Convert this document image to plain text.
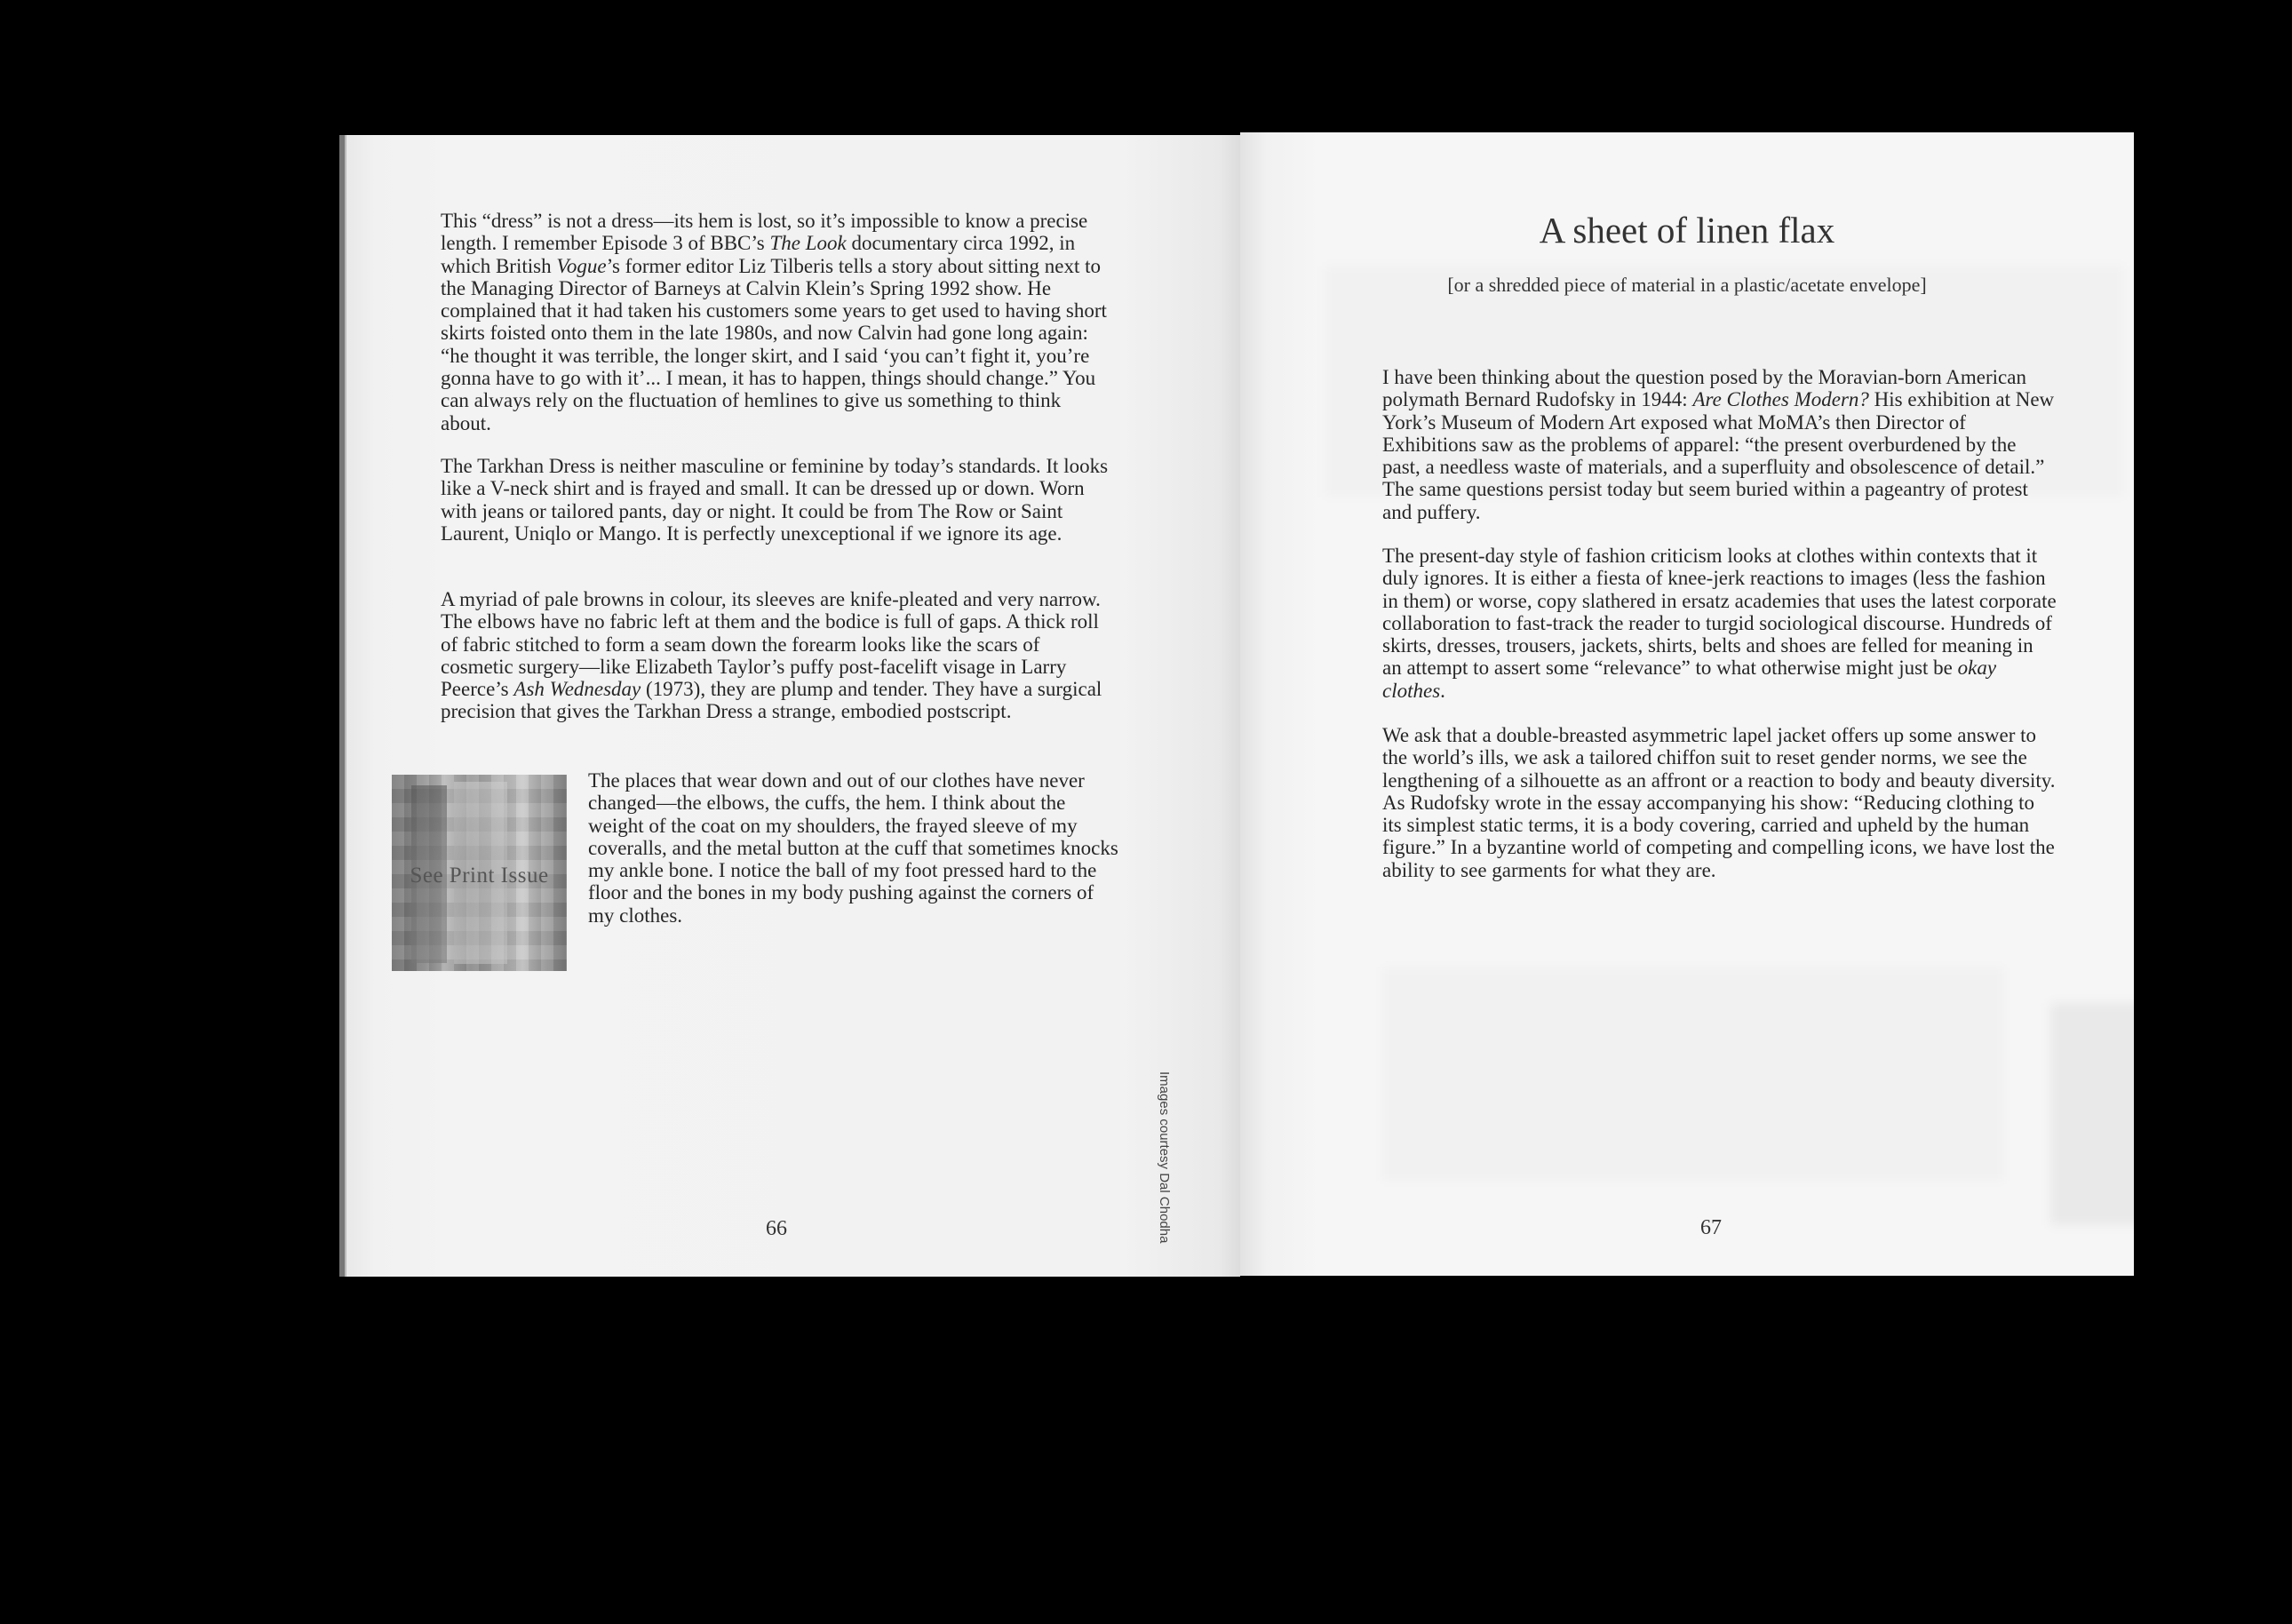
This “dress” is not a dress—its hem is lost, so it’s impossible to know a precise length. I remember Episode 3 of BBC’s The Look documentary circa 1992, in which British Vogue’s former editor Liz Tilberis tells a story about sitting next to the Managing Director of Barneys at Calvin Klein’s Spring 1992 show. He complained that it had taken his customers some years to get used to having short skirts foisted onto them in the late 1980s, and now Calvin had gone long again: “he thought it was terrible, the longer skirt, and I said ‘you can’t fight it, you’re gonna have to go with it’... I mean, it has to happen, things should change.” You can always rely on the fluctuation of hemlines to give us something to think about.

The Tarkhan Dress is neither masculine or feminine by today’s standards. It looks like a V-neck shirt and is frayed and small. It can be dressed up or down. Worn with jeans or tailored pants, day or night. It could be from The Row or Saint Laurent, Uniqlo or Mango. It is perfectly unexceptional if we ignore its age.

A myriad of pale browns in colour, its sleeves are knife-pleated and very narrow. The elbows have no fabric left at them and the bodice is full of gaps. A thick roll of fabric stitched to form a seam down the forearm looks like the scars of cosmetic surgery—like Elizabeth Taylor’s puffy post-facelift visage in Larry Peerce’s Ash Wednesday (1973), they are plump and tender. They have a surgical precision that gives the Tarkhan Dress a strange, embodied postscript.

See Print Issue

The places that wear down and out of our clothes have never changed—the elbows, the cuffs, the hem. I think about the weight of the coat on my shoulders, the frayed sleeve of my coveralls, and the metal button at the cuff that sometimes knocks my ankle bone. I notice the ball of my foot pressed hard to the floor and the bones in my body pushing against the corners of my clothes.

Images courtesy Dal Chodha
66
A sheet of linen flax
[or a shredded piece of material in a plastic/acetate envelope]

I have been thinking about the question posed by the Moravian-born American polymath Bernard Rudofsky in 1944: Are Clothes Modern? His exhibition at New York’s Museum of Modern Art exposed what MoMA’s then Director of Exhibitions saw as the problems of apparel: “the present overburdened by the past, a needless waste of materials, and a superfluity and obsolescence of detail.” The same questions persist today but seem buried within a pageantry of protest and puffery.

The present-day style of fashion criticism looks at clothes within contexts that it duly ignores. It is either a fiesta of knee-jerk reactions to images (less the fashion in them) or worse, copy slathered in ersatz academies that uses the latest corporate collaboration to fast-track the reader to turgid sociological discourse. Hundreds of skirts, dresses, trousers, jackets, shirts, belts and shoes are felled for meaning in an attempt to assert some “relevance” to what otherwise might just be okay clothes.

We ask that a double-breasted asymmetric lapel jacket offers up some answer to the world’s ills, we ask a tailored chiffon suit to reset gender norms, we see the lengthening of a silhouette as an affront or a reaction to body and beauty diversity. As Rudofsky wrote in the essay accompanying his show: “Reducing clothing to its simplest static terms, it is a body covering, carried and upheld by the human figure.” In a byzantine world of competing and compelling icons, we have lost the ability to see garments for what they are.

67
